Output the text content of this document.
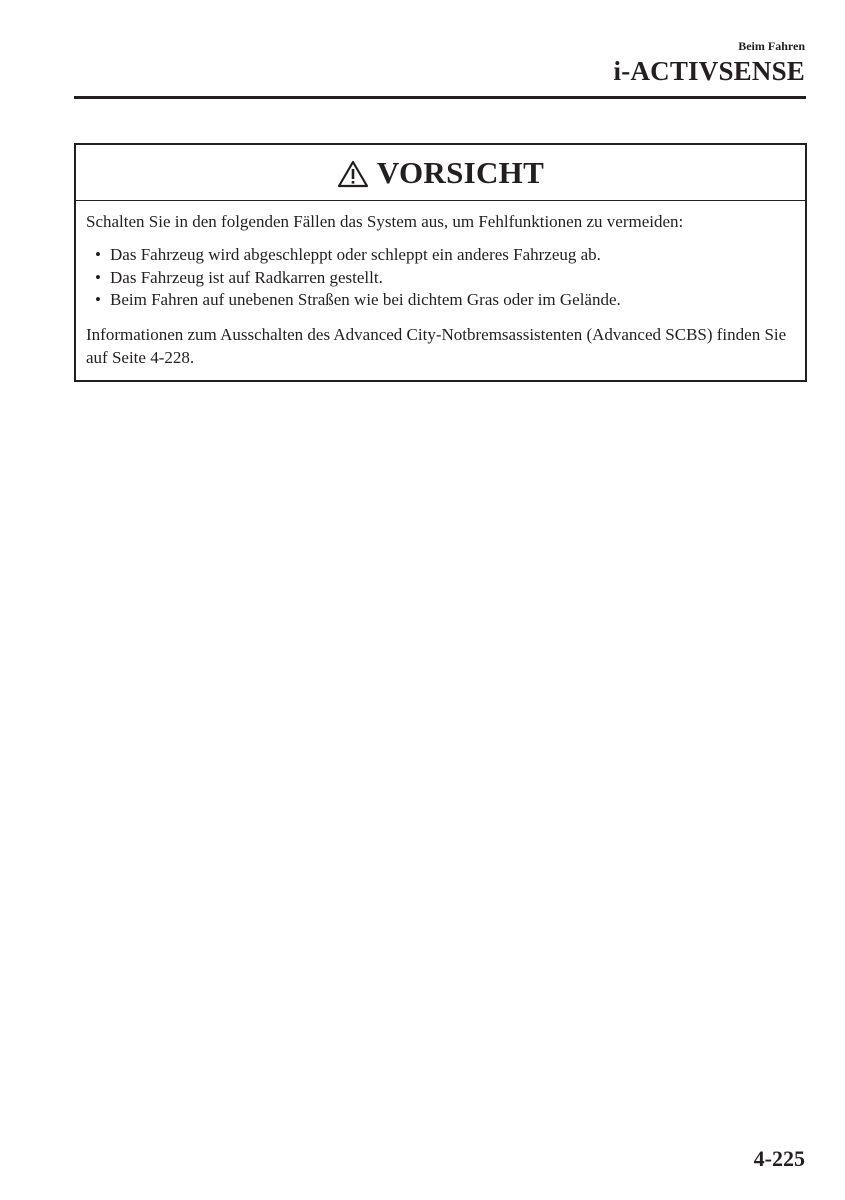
Beim Fahren
i-ACTIVSENSE
VORSICHT

Schalten Sie in den folgenden Fällen das System aus, um Fehlfunktionen zu vermeiden:

• Das Fahrzeug wird abgeschleppt oder schleppt ein anderes Fahrzeug ab.
• Das Fahrzeug ist auf Radkarren gestellt.
• Beim Fahren auf unebenen Straßen wie bei dichtem Gras oder im Gelände.

Informationen zum Ausschalten des Advanced City-Notbremsassistenten (Advanced SCBS) finden Sie auf Seite 4-228.

4-225
